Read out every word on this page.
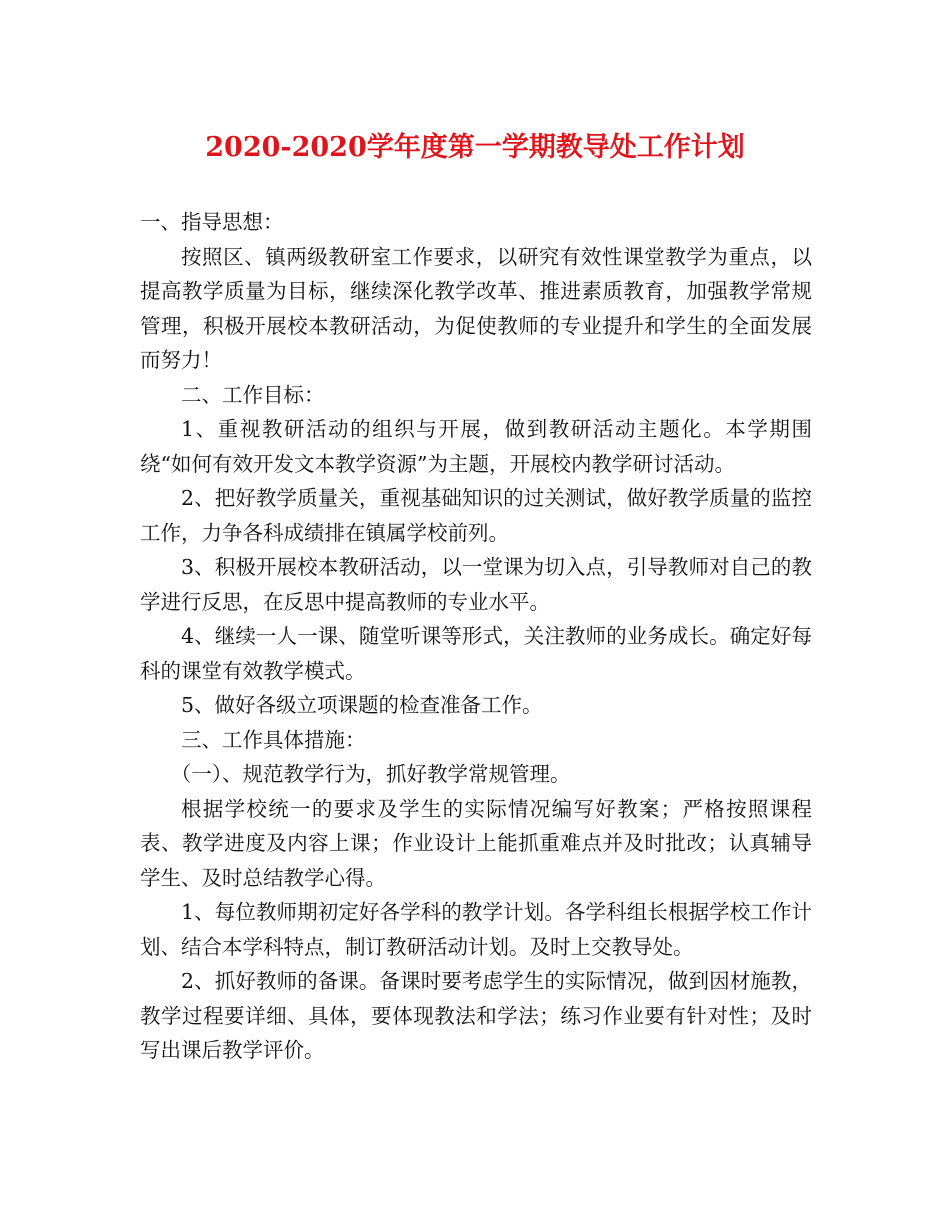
2020-2020学年度第一学期教导处工作计划

一、指导思想：

按照区、镇两级教研室工作要求，以研究有效性课堂教学为重点，以提高教学质量为目标，继续深化教学改革、推进素质教育，加强教学常规管理，积极开展校本教研活动，为促使教师的专业提升和学生的全面发展而努力！

二、工作目标：

1、重视教研活动的组织与开展，做到教研活动主题化。本学期围绕“如何有效开发文本教学资源”为主题，开展校内教学研讨活动。

2、把好教学质量关，重视基础知识的过关测试，做好教学质量的监控工作，力争各科成绩排在镇属学校前列。

3、积极开展校本教研活动，以一堂课为切入点，引导教师对自己的教学进行反思，在反思中提高教师的专业水平。

4、继续一人一课、随堂听课等形式，关注教师的业务成长。确定好每科的课堂有效教学模式。

5、做好各级立项课题的检查准备工作。

三、工作具体措施：

（一）、规范教学行为，抓好教学常规管理。

根据学校统一的要求及学生的实际情况编写好教案；严格按照课程表、教学进度及内容上课；作业设计上能抓重难点并及时批改；认真辅导学生、及时总结教学心得。

1、每位教师期初定好各学科的教学计划。各学科组长根据学校工作计划、结合本学科特点，制订教研活动计划。及时上交教导处。

2、抓好教师的备课。备课时要考虑学生的实际情况，做到因材施教，教学过程要详细、具体，要体现教法和学法；练习作业要有针对性；及时写出课后教学评价。
